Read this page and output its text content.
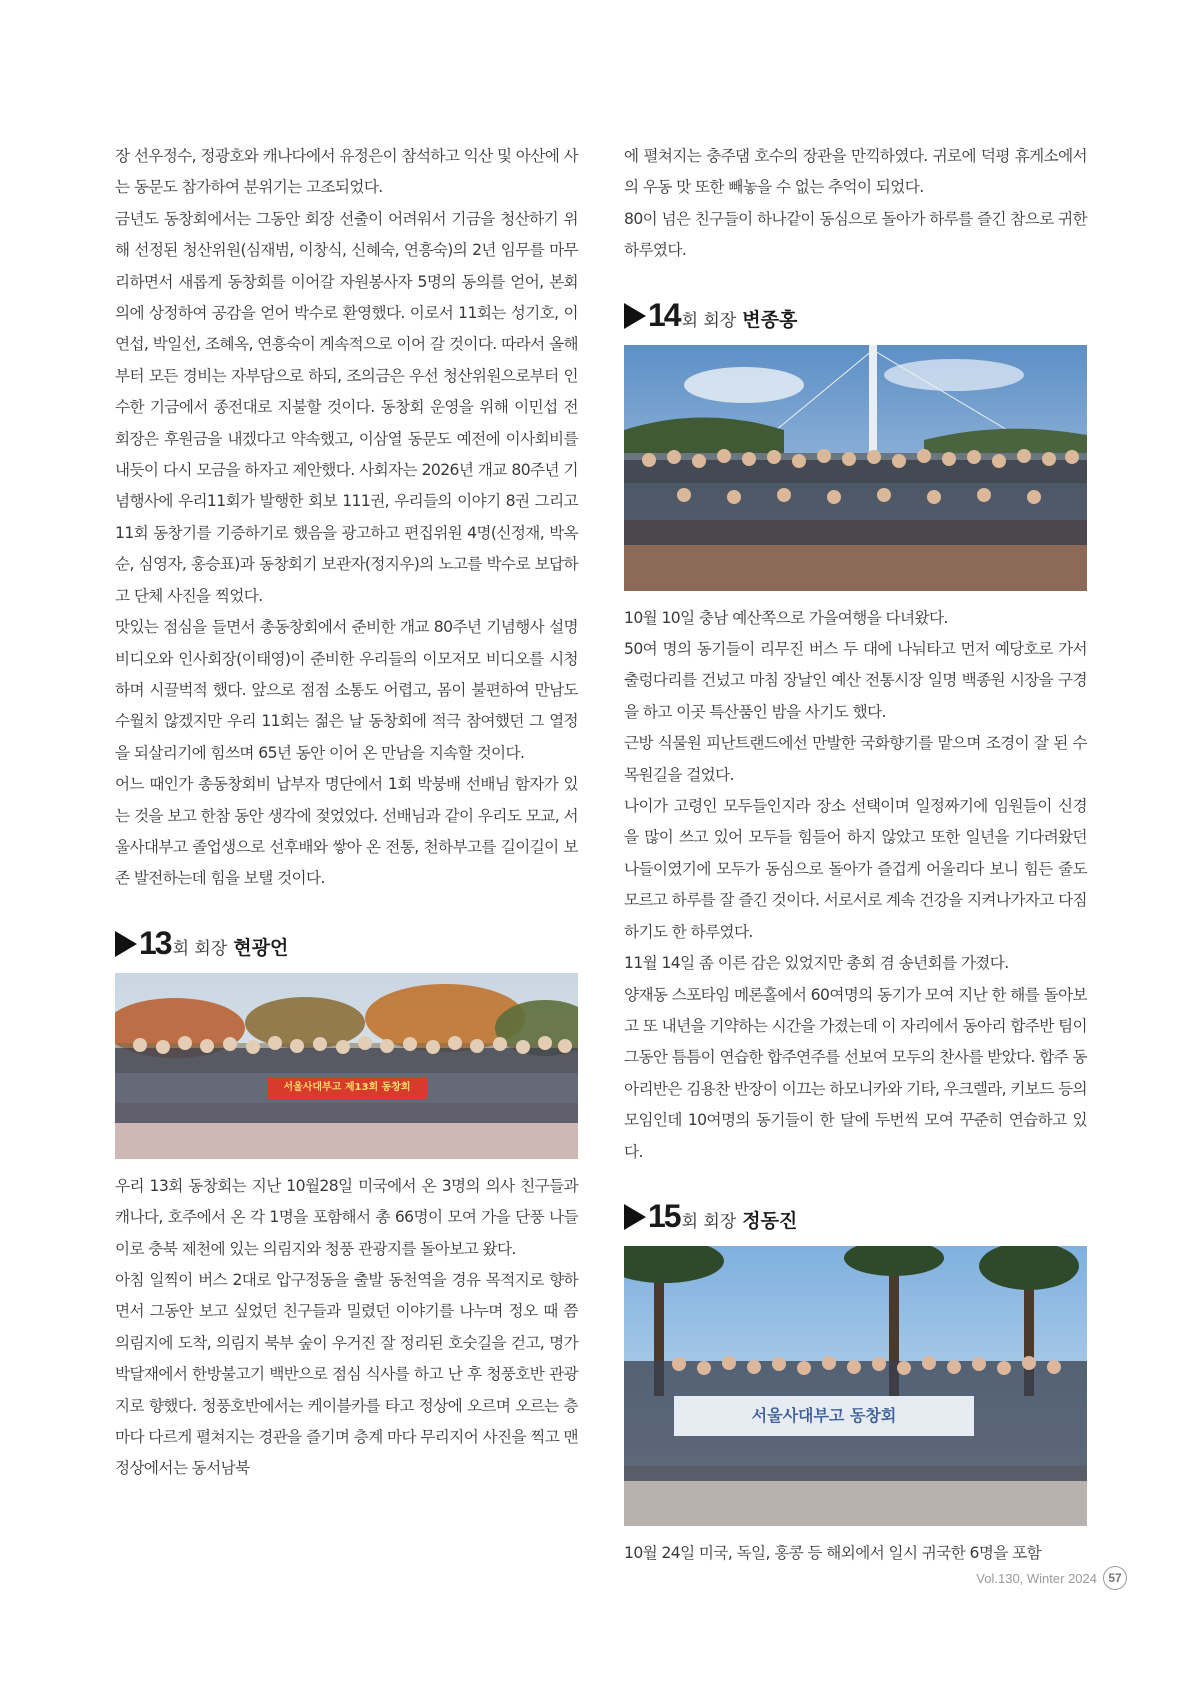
장 선우정수, 정광호와 캐나다에서 유정은이 참석하고 익산 및 아산에 사는 동문도 참가하여 분위기는 고조되었다.

금년도 동창회에서는 그동안 회장 선출이 어려워서 기금을 청산하기 위해 선정된 청산위원(심재범, 이창식, 신혜숙, 연흥숙)의 2년 임무를 마무리하면서 새롭게 동창회를 이어갈 자원봉사자 5명의 동의를 얻어, 본회의에 상정하여 공감을 얻어 박수로 환영했다. 이로서 11회는 성기호, 이연섭, 박일선, 조혜옥, 연흥숙이 계속적으로 이어 갈 것이다. 따라서 올해부터 모든 경비는 자부담으로 하되, 조의금은 우선 청산위원으로부터 인수한 기금에서 종전대로 지불할 것이다. 동창회 운영을 위해 이민섭 전 회장은 후원금을 내겠다고 약속했고, 이삼열 동문도 예전에 이사회비를 내듯이 다시 모금을 하자고 제안했다. 사회자는 2026년 개교 80주년 기념행사에 우리11회가 발행한 회보 111권, 우리들의 이야기 8권 그리고 11회 동창기를 기증하기로 했음을 광고하고 편집위원 4명(신정재, 박옥순, 심영자, 홍승표)과 동창회기 보관자(정지우)의 노고를 박수로 보답하고 단체 사진을 찍었다.

맛있는 점심을 들면서 총동창회에서 준비한 개교 80주년 기념행사 설명 비디오와 인사회장(이태영)이 준비한 우리들의 이모저모 비디오를 시청하며 시끌벅적 했다. 앞으로 점점 소통도 어렵고, 몸이 불편하여 만남도 수월치 않겠지만 우리 11회는 젊은 날 동창회에 적극 참여했던 그 열정을 되살리기에 힘쓰며 65년 동안 이어 온 만남을 지속할 것이다.

어느 때인가 총동창회비 납부자 명단에서 1회 박붕배 선배님 함자가 있는 것을 보고 한참 동안 생각에 젖었었다. 선배님과 같이 우리도 모교, 서울사대부고 졸업생으로 선후배와 쌓아 온 전통, 천하부고를 길이길이 보존 발전하는데 힘을 보탤 것이다.

13 회 회장 현광언
서울사대부고 제13회 동창회

우리 13회 동창회는 지난 10월28일 미국에서 온 3명의 의사 친구들과 캐나다, 호주에서 온 각 1명을 포함해서 총 66명이 모여 가을 단풍 나들이로 충북 제천에 있는 의림지와 청풍 관광지를 돌아보고 왔다.

아침 일찍이 버스 2대로 압구정동을 출발 동천역을 경유 목적지로 향하면서 그동안 보고 싶었던 친구들과 밀렸던 이야기를 나누며 정오 때 쯤 의림지에 도착, 의림지 북부 숲이 우거진 잘 정리된 호숫길을 걷고, 명가박달재에서 한방불고기 백반으로 점심 식사를 하고 난 후 청풍호반 관광지로 향했다. 청풍호반에서는 케이블카를 타고 정상에 오르며 오르는 층 마다 다르게 펼쳐지는 경관을 즐기며 층계 마다 무리지어 사진을 찍고 맨 정상에서는 동서남북

에 펼쳐지는 충주댐 호수의 장관을 만끽하였다. 귀로에 덕평 휴게소에서의 우동 맛 또한 빼놓을 수 없는 추억이 되었다.

80이 넘은 친구들이 하나같이 동심으로 돌아가 하루를 즐긴 참으로 귀한 하루였다.

14 회 회장 변종홍

10월 10일 충남 예산쪽으로 가을여행을 다녀왔다.

50여 명의 동기들이 리무진 버스 두 대에 나눠타고 먼저 예당호로 가서 출렁다리를 건넜고 마침 장날인 예산 전통시장 일명 백종원 시장을 구경을 하고 이곳 특산품인 밤을 사기도 했다.

근방 식물원 피난트랜드에선 만발한 국화향기를 맡으며 조경이 잘 된 수목원길을 걸었다.

나이가 고령인 모두들인지라 장소 선택이며 일정짜기에 임원들이 신경을 많이 쓰고 있어 모두들 힘들어 하지 않았고 또한 일년을 기다려왔던 나들이였기에 모두가 동심으로 돌아가 즐겁게 어울리다 보니 힘든 줄도 모르고 하루를 잘 즐긴 것이다. 서로서로 계속 건강을 지켜나가자고 다짐하기도 한 하루였다.

11월 14일 좀 이른 감은 있었지만 총회 겸 송년회를 가졌다.

양재동 스포타임 메론홀에서 60여명의 동기가 모여 지난 한 해를 돌아보고 또 내년을 기약하는 시간을 가졌는데 이 자리에서 동아리 합주반 팀이 그동안 틈틈이 연습한 합주연주를 선보여 모두의 찬사를 받았다. 합주 동아리반은 김용찬 반장이 이끄는 하모니카와 기타, 우크렐라, 키보드 등의 모임인데 10여명의 동기들이 한 달에 두번씩 모여 꾸준히 연습하고 있다.

15 회 회장 정동진
서울사대부고 동창회

10월 24일 미국, 독일, 홍콩 등 해외에서 일시 귀국한 6명을 포함

Vol.130, Winter 2024 57
